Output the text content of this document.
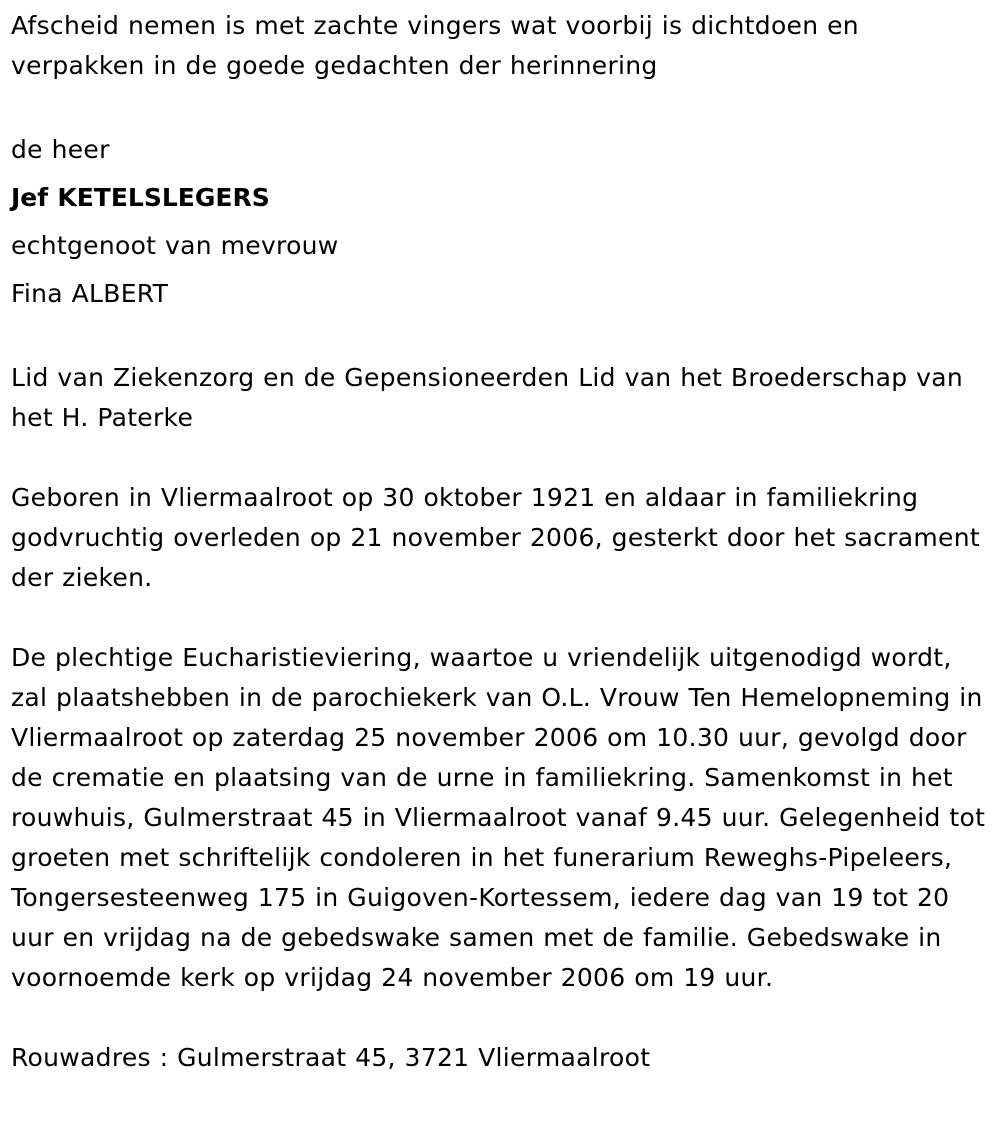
Afscheid nemen is met zachte vingers wat voorbij is dichtdoen en verpakken in de goede gedachten der herinnering

de heer

Jef KETELSLEGERS

echtgenoot van mevrouw

Fina ALBERT

Lid van Ziekenzorg en de Gepensioneerden Lid van het Broederschap van het H. Paterke

Geboren in Vliermaalroot op 30 oktober 1921 en aldaar in familiekring godvruchtig overleden op 21 november 2006, gesterkt door het sacrament der zieken.

De plechtige Eucharistieviering, waartoe u vriendelijk uitgenodigd wordt, zal plaatshebben in de parochiekerk van O.L. Vrouw Ten Hemelopneming in Vliermaalroot op zaterdag 25 november 2006 om 10.30 uur, gevolgd door de crematie en plaatsing van de urne in familiekring. Samenkomst in het rouwhuis, Gulmerstraat 45 in Vliermaalroot vanaf 9.45 uur. Gelegenheid tot groeten met schriftelijk condoleren in het funerarium Reweghs-Pipeleers, Tongersesteenweg 175 in Guigoven-Kortessem, iedere dag van 19 tot 20 uur en vrijdag na de gebedswake samen met de familie. Gebedswake in voornoemde kerk op vrijdag 24 november 2006 om 19 uur.

Rouwadres : Gulmerstraat 45, 3721 Vliermaalroot
